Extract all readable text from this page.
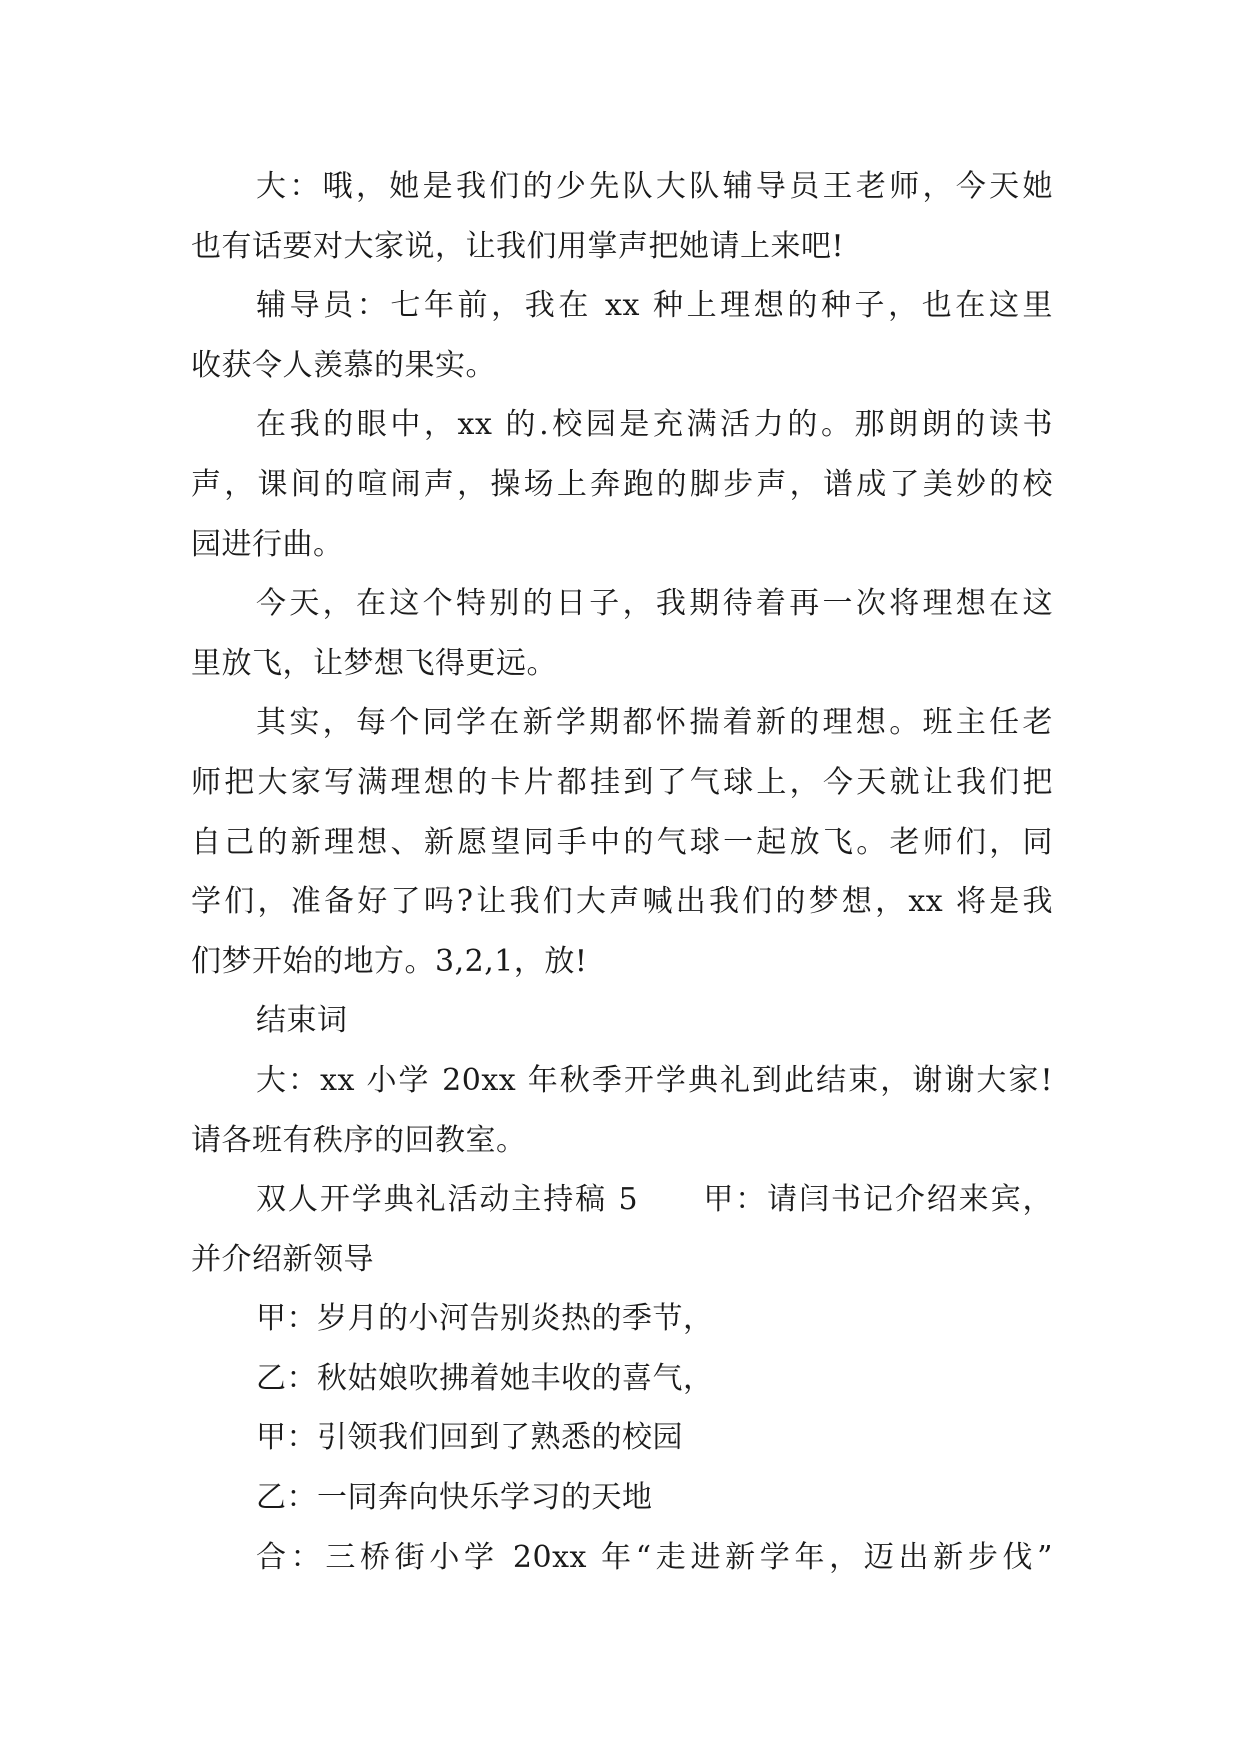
大：哦，她是我们的少先队大队辅导员王老师，今天她
也有话要对大家说，让我们用掌声把她请上来吧!
辅导员：七年前，我在 xx 种上理想的种子，也在这里
收获令人羡慕的果实。
在我的眼中，xx 的.校园是充满活力的。那朗朗的读书
声，课间的喧闹声，操场上奔跑的脚步声，谱成了美妙的校
园进行曲。
今天，在这个特别的日子，我期待着再一次将理想在这
里放飞，让梦想飞得更远。
其实，每个同学在新学期都怀揣着新的理想。班主任老
师把大家写满理想的卡片都挂到了气球上，今天就让我们把
自己的新理想、新愿望同手中的气球一起放飞。老师们，同
学们，准备好了吗?让我们大声喊出我们的梦想，xx 将是我
们梦开始的地方。3,2,1，放!
结束词
大：xx 小学 20xx 年秋季开学典礼到此结束，谢谢大家!
请各班有秩序的回教室。
双人开学典礼活动主持稿 5　　甲：请闫书记介绍来宾，
并介绍新领导
甲：岁月的小河告别炎热的季节，
乙：秋姑娘吹拂着她丰收的喜气，
甲：引领我们回到了熟悉的校园
乙：一同奔向快乐学习的天地
合：三桥街小学 20xx 年“走进新学年，迈出新步伐”
